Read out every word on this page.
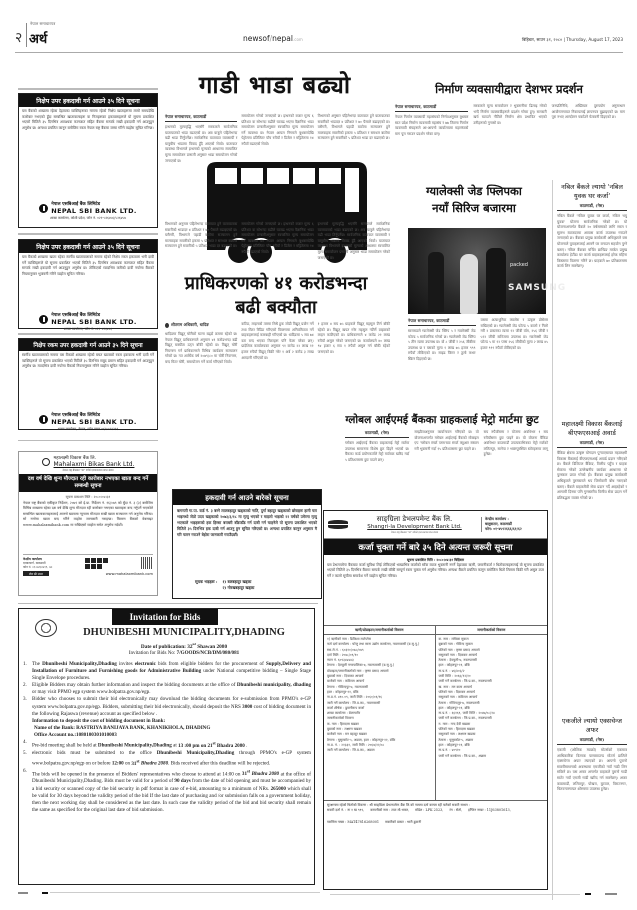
२
नेपाल समाचारपत्र
अर्थ	newsof/nepal.com	बिहिबार, साउन ३१, २०८० | Thursday, August 17, 2023
निक्षेप उपर हकदावी गर्न आउने ३५ दिने सूचना
यस बैंकको शाखामा रहेका देहायका व्यक्तिहरूका नाममा रहेको निक्षेप खाताहरूमा लामो समयदेखि कारोबार नभएको हुँदा सम्बन्धित खातावालाहरू वा निजहरूका हकवालाहरूले यो सूचना प्रकाशित भएको मितिले ३५ दिनभित्र आवश्यक कागजात सहित बैंकमा सम्पर्क राखी हकदावी गर्न आउनुहुन अनुरोध छ। अन्यथा प्रचलित कानून बमोजिम रकम नेपाल राष्ट्र बैंकमा जम्मा गरिने व्यहोरा सूचित गरिन्छ।
नेपाल एसबिआई बैंक लिमिटेड
NEPAL SBI BANK LTD.
शाखा कार्यालय, कोशी प्रदेश, फोन नं. ०२१-५२६४५६/५२६४५७
निक्षेप उपर हकदावी गर्न आउने ३५ दिने सूचना
यस बैंकको शाखामा खाता रहेका स्वर्गीय खातावालाको नाममा रहेको निक्षेप रकम हकवाला भनी दावी गर्ने व्यक्तिहरूले यो सूचना प्रकाशित भएको मितिले ३५ दिनभित्र आवश्यक कागजात सहित बैंकमा सम्पर्क राखी हकदावी गर्न आउनुहुन अनुरोध छ। तोकिएको म्यादभित्र कसैको दावी नपरेमा बैंकको नियमानुसार भुक्तानी गरिने व्यहोरा सूचित गरिन्छ।
नेपाल एसबिआई बैंक लिमिटेड
NEPAL SBI BANK LTD.
शाखा कार्यालय, फोन नं. ०२१-५२६४५६
निक्षेप रकम उपर हकदावी गर्न आउने ३५ दिने सूचना
स्वर्गीय खातावालाको नाममा यस बैंकको शाखामा रहेको बचत खाताको रकम हकवाला भनी दावी गर्ने व्यक्तिहरूले यो सूचना प्रकाशित भएको मितिले ३५ दिनभित्र सबुद प्रमाण सहित हकदावी गर्न आउनुहुन अनुरोध छ। म्यादभित्र दावी नपरेमा बैंकको नियमानुसार गरिने व्यहोरा सूचित गरिन्छ।
नेपाल एसबिआई बैंक लिमिटेड
NEPAL SBI BANK LTD.
शाखा कार्यालय, नेपाल, फोन नम्बर ०६१-५२१२११
महालक्ष्मी विकास बैंक लि.
Mahalaxmi Bikas Bank Ltd.
नेपाल राष्ट्र बैंकबाट "ख" वर्गको इजाजतपत्र प्राप्त संस्था
दश वर्ष देखि शुन्य मौज्दात रही कारोबार नभएका खाता बन्द गर्ने सम्बन्धी सूचना
सूचना प्रकाशन मिति : २०८०।०४।३१
नेपाल राष्ट्र बैंकको एकीकृत निर्देशन, २०७९ को ई.प्रा. निर्देशन नं. १६/०७९ को बुँदा नं. ३ (३) बमोजिम विभिन्न शाखामा रहेका दश वर्ष देखि शुन्य मौज्दात रही कारोबार नभएका खाताहरू बन्द गर्नुपर्ने भएकोले सम्बन्धित खातावालाहरूलाई आफ्नो खातामा न्यूनतम मौज्दात राखी खाता सञ्चालन गर्न अनुरोध गरिन्छ। सो नगरेमा खाता बन्द गरिने व्यहोरा जानकारी गराइन्छ। विवरण बैंकको वेबसाइट www.mahalaxmibank.com मा राखिएको व्यहोरा समेत अनुरोध गर्दछौं।
केन्द्रीय कार्यालय
दरबारमार्ग, काठमाडौं
फोन नं. ०१-४२६८७१९, ७०
टोल फ्री नम्बर	www.mahalaxmibank.com
गाडी भाडा बढ्यो
नेपाल समाचारपत्र, काठमाडौं
इन्धनको मूल्यवृद्धि भएसँगै सरकारले सार्वजनिक यातायातको भाडा बढाएको छ। अब यात्रुले पहिलेभन्दा बढी भाडा तिर्नुपर्नेछ। सार्वजनिक यातायात व्यवसायी र यात्रुबीच भाडामा विवाद हुँदै आएको थियो। यातायात व्यवस्था विभागले इन्धनको मूल्यको आधारमा स्वचालित मूल्य समायोजन प्रणाली अनुसार भाडा समायोजन गरेको जनाएको छ।
समायोजन गरेको जनाएको छ। इन्धनको बजार मूल्य ६ प्रतिशत वा सोभन्दा बढीले घटबढ भएमा वैज्ञानिक भाडा समायोजन प्रणालीअनुसार स्वचालित मूल्य समायोजन गर्ने व्यवस्था छ। नेपाल आयल निगमले बुधबारदेखि पेट्रोलमा प्रतिलिटर पाँच रुपैयाँ र डिजेल र मट्टितेलमा १४ रुपैयाँ बढाएको थियो।
विभागको अनुसार पहिलेभन्दा यातायात हुने यातायातका सवारीको भाडादर ४ प्रतिशत र ७० पैसाले बढाइएको छ। यसैगरी, विभागले पहाडी बाटोमा सञ्चालन हुने मालवाहक सवारीको हकमा ५ प्रतिशत र समथल बाटोमा सञ्चालन हुने सवारीको ५ प्रतिशत भाडा दर बढाएको छ।
विभागको अनुसार पहिलेभन्दा यातायात हुने यातायातका सवारीको भाडादर ४ प्रतिशत र ७० पैसाले बढाइएको छ। यसैगरी, विभागले पहाडी बाटोमा सञ्चालन हुने मालवाहक सवारीको हकमा ५ प्रतिशत र समथल बाटोमा सञ्चालन हुने सवारीको ५ प्रतिशत भाडा दर बढाएको छ।
समायोजन गरेको जनाएको छ। इन्धनको बजार मूल्य ६ प्रतिशत वा सोभन्दा बढीले घटबढ भएमा वैज्ञानिक भाडा समायोजन प्रणालीअनुसार स्वचालित मूल्य समायोजन गर्ने व्यवस्था छ। नेपाल आयल निगमले बुधबारदेखि पेट्रोलमा प्रतिलिटर पाँच रुपैयाँ र डिजेल र मट्टितेलमा १४ रुपैयाँ बढाएको थियो।
इन्धनको मूल्यवृद्धि भएसँगै सरकारले सार्वजनिक यातायातको भाडा बढाएको छ। अब यात्रुले पहिलेभन्दा बढी भाडा तिर्नुपर्नेछ। सार्वजनिक यातायात व्यवसायी र यात्रुबीच भाडामा विवाद हुँदै आएको थियो। यातायात व्यवस्था विभागले इन्धनको मूल्यको आधारमा स्वचालित मूल्य समायोजन प्रणाली अनुसार भाडा समायोजन गरेको जनाएको छ।
प्राधिकरणको ४१ करोडभन्दा
बढी बक्यौता
शीतराम अधिकारी, धादिङ
धादिङमा विद्युत् चोरीको घटना बढ्दो क्रममा रहेको छ। नेपाल विद्युत् प्राधिकरणले अनुमान ४१ करोडभन्दा बढी विद्युत् बक्यौता उठ्न बाँकी रहेको छ। विद्युत् चोरी नियन्त्रण गर्न प्राधिकरणले विभिन्न कार्यक्रम सञ्चालन गरेको छ। गत आर्थिक वर्ष २०७९/८० मा चोरी नियन्त्रण, बन्द मिटर चोरी, समायोजन गर्ने कार्य गरिएको थियो।
कटिङ, लाइनको तारमा सिधै हुक जोडी विद्युत् प्रयोग गर्ने तथा मिटर रिडिङ गरिएको विवरणमा अनियमितता गर्ने ग्राहकहरूलाई कारबाही गरिएको छ। धादिङमा ५ सय ७४ वटा बन्द भएका मिटरहरू पनि फेला परेका छन्। प्रादेशिक कार्यालयका अनुसार ९१ करोड २२ लाख ११ हजार रुपैयाँ विद्युत् बिक्री गरेर १ अर्ब २ करोड ३ लाख आम्दानी गरिएको छ।
१ हजार ४ सय ७५ ग्राहकले विद्युत् महसुल तिर्न बाँकी रहेको छ। विद्युत् खपत गरेर महसुल नतिर्ने ग्राहकको लाइन काटिएको छ। प्राधिकरणले ४ करोड २१ लाख रुपैयाँ असुल गरेको जनाएको छ। कार्यालयले ४० लाख ९४ हजार ६ सय १ रुपैयाँ असुल गर्न बाँकी रहेको जनाएको छ।
हकदावी गर्न आउने बारेको सूचना
बागमती गा.पा. वार्ड नं. ३ बस्ने लालबहादुर खड्काको नाति, दुर्गा बहादुर खड्काको छोराहरू हामी चार भाइमध्ये जेठो उदय खड्काको २०७३/३/१८ मा मृत्यु भएको र माइलो भाइको २२ वर्षको उमेरमा मृत्यु भएकाले भाइहरूको हक हिस्सा बराबरी बाँडफाँड गर्न दाबी गर्न चाहनेले यो सूचना प्रकाशित भएको मितिले ३५ दिनभित्र हक दाबी गर्न आउनु हुन सूचित गरिएको छ। अन्यथा प्रचलित कानुन अनुसार मै गरि चलन गराउने बेहोरा जानकारी गराउँदछौं।
सूचक भाइहरू : १) बलबहादुर खड्का
२) गोरखबहादुर खड्का
निर्माण व्यवसायीद्वारा देशभर प्रदर्शन
नेपाल समाचारपत्र, काठमाडौं
नेपाल निर्माण व्यवसायी महासंघको निर्णयअनुसार बुधबार सात प्रदेश निर्माण व्यवसायी महासंघ र ७७ जिल्ला निर्माण व्यवसायी संघहरूले आ-आफ्नो कार्यालयमा महासंघको माग पूरा गराउन प्रदर्शन गरेका छन्।
सरकारले मूल्य समायोजन र भुक्तानीमा ढिलाइ गरेको भन्दै निर्माण व्यवसायीहरूले प्रदर्शन गरेका हुन्। सरकारी खर्च घटाउने नीतिले निर्माण क्षेत्र प्रभावित भएको उनीहरूको गुनासो छ।
जनप्रतिनिधि, अख्तियार दुरुपयोग अनुसन्धान आयोगलगायत निकायलाई ज्ञापनपत्र बुझाइएको छ। माग पूरा नभए आन्दोलन चर्काउने चेतावनी दिइएको छ।
ग्यालेक्सी जेड फ्लिपका
नयाँ सिरिज बजारमा
packed
SAMSUNG
नेपाल समाचारपत्र, काठमाडौं
सामसङले ग्यालेक्सी जेड फ्लिप ५ र ग्यालेक्सी जेड फोल्ड ५ सार्वजनिक गरेको छ। ग्यालेक्सी जेड फ्लिप ५ तीन रङमा उपलब्ध छ। यो ८ जीबी र २५६ जीबीमा उपलब्ध छ र यसको मूल्य १ लाख ७५ हजार ९९९ रुपैयाँ तोकिएको छ। साइड फिंगर र ठूलो कभर स्क्रिन दिइएको छ।
यसमा अत्याधुनिक क्यामेरा र उत्कृष्ट प्रोसेसर राखिएको छ। ग्यालेक्सी जेड फोल्ड ५ कालो र निलो गरी २ प्रकारका रङमा १२ जीबी र्याम, २५६ जीबी र ५१२ जीबी स्टोरेजमा उपलब्ध छ। ग्यालेक्सी जेड फोल्ड ५ मा १२ प्लस २५६ जीबीको मूल्य २ लाख ४५ हजार ९९९ रुपैयाँ तोकिएको छ।
ग्लोबल आईएमई बैंकका ग्राहकलाई मेट्रो मार्टमा छुट
काठमाडौं, (नेस)
ग्लोबल आईएमई बैंकका ग्राहकलाई मेट्रो मार्टमा उपलब्ध सामानमा विशेष छुट दिइने भएको छ। बैंकका कार्ड प्रयोगकर्ताले मेट्रो मार्टबाट खरिद गर्दा ५ प्रतिशतसम्म छुट पाउने छन्।
सम्झौताअनुसार कार्यान्वयन गरिएको छ। यो योजनाअन्तर्गत ग्लोबल आईएमई बैंकको मोबाइल एप 'ग्लोबल स्मार्ट प्लस'बाट स्मार्ट क्यूआर स्क्यान गरी भुक्तानी गर्दा १५ प्रतिशतसम्म छुट पाइने छ।
सय रुपैयाँसम्म र योजना अवधिभर १ सय रुपैयाँसम्म छुट पाइने छ। यो योजना बैंकिङ अवधिभर काठमाडौं उपत्यकाभित्रका मेट्रो मार्टको ललितपुर, सानेपा र भक्तपुरस्थित स्टोरहरूमा लागू हुनेछ।
नबिल बैंकले ल्यायो 'नबिल युवक घर कर्जा'
काठमाडौं, (नेस)
नबिल बैंकले 'नबिल युवक घर कर्जा, नबिल भयु युवक' योजना सार्वजनिक गरेको छ। यो योजनाअन्तर्गत बैंकले २० वर्षसम्मको लागि सरल र सुलभ ब्याजदरमा आवास कर्जा उपलब्ध गराउने जनाएको छ। बैंकका प्रमुख कार्यकारी अधिकृतले यस योजनाले युवाहरूलाई आफ्नै घर बनाउन सहयोग पुग्ने बताए। नबिल बैंकका चर्चित ब्रान्डिङ मार्फत प्रमुख कार्यालय हेटौंडा घर कर्जा ग्राहकहरूलाई हरेक महिना किस्तामा वितरण गरिने छ। ग्राहकले ७० प्रतिशतसम्म कर्जा लिन सक्नेछन्।
महालक्ष्मी विकास बैंकलाई बीएफएसआई अवार्ड
काठमाडौं, (नेस)
बैंकिङ क्षेत्रमा उत्कृष्ट योगदान पुर्‍याएबापत महालक्ष्मी विकास बैंकलाई बीएफएसआई अवार्ड प्रदान गरिएको छ। बैंकले डिजिटल बैंकिङ, वित्तीय पहुँच र ग्राहक सेवामा गरेको उल्लेखनीय कार्यका आधारमा यो पुरस्कार प्राप्त गरेको हो। बैंकका प्रमुख कार्यकारी अधिकृतले पुरस्कारले थप जिम्मेवारी बोध गराएको बताए। बैंकले ग्राहकमैत्री सेवा प्रदान गर्दै आइरहेको र आगामी दिनमा पनि गुणस्तरीय वित्तीय सेवा प्रदान गर्ने प्रतिबद्धता व्यक्त गरेको छ।
एकजीले ल्यायो एक्सचेन्ज अफर
काठमाडौं, (नेस)
एकजी (ओलिक म्याक्रो) मोटर्सको एकमात्र आधिकारिक वितरक पासाबाउन्ड मोटर्स प्रालिले एक्सचेन्ज अफर ल्याएको छ। आफ्नो पुरानो सवारीसाधनको अवस्थामा एमजीको नयाँ गाडी लिन सकिने छ। यस अफर अन्तर्गत ग्राहकले पुरानो गाडी साटेर नयाँ एमजी गाडी खरिद गर्न सक्नेछन्। अफर काठमाडौं, ललितपुर, पोखरा, बुटवल, विराटनगर, चितवनलगायत शोरुममा उपलब्ध हुनेछ।
साङ्ग्रिला डेभलपमेन्ट बैंक लि.
Shangri-la Development Bank Ltd.
नेपाल राष्ट्र बैंकबाट "ख" वर्गको इजाजतपत्र प्राप्त संस्था
केन्द्रीय कार्यालय :
बालुवाटार, काठमाडौं
फोन: ०१-४५९२६६६/६१/६२
कर्जा चुक्ता गर्ने बारे ३५ दिने अत्यन्त जरूरी सूचना
सूचना प्रकाशित मिति : २०८०।०४।३१ बिहिबार
यस डेभलपमेन्ट बैंकबाट कर्जा सुविधा लिई तोकिएको भाखाभित्र कर्जाको साँवा ब्याज भुक्तानी नगर्ने देहायका ऋणी, जमानीकर्ता र धितोवालाहरूलाई यो सूचना प्रकाशित भएको मितिले ३५ दिनभित्र बैंकमा सम्पर्क राखी बाँकी सम्पूर्ण रकम चुक्ता गर्न अनुरोध गरिन्छ। अन्यथा बैंकले प्रचलित कानुन बमोजिम धितो लिलाम बिक्री गरी असुल उपर गर्ने र कालो सूचीमा समावेश गर्ने व्यहोरा सूचित गरिन्छ।
ऋणी/प्रोप्राइटर/जमानीकर्ताको विवरण
१) ऋणीको नाम : ढिकिशा मार्टप्लेस
फर्म दर्ता कार्यालय : घरेलु तथा साना उद्योग कार्यालय, नवलपरासी (ब.सु.पू.)
स्था.ले.नं. : ६०३१०/०७८/०७९
दर्ता मिति : २०७८/०९/१०
प्यान नं. ६०९३४४४४३
ठेगाना : देवचुली नगरपालिका-७, नवलपरासी (ब.सु.पू.)
प्रोप्राइटर/जमानीकर्ताको नाम : कृष्ण प्रसाद आचार्य
बुबाको नाम : दिवाकर आचार्य
बाजेको नाम : कविराम आचार्य
ठेगाना : गोविन्दपुर-७, नवलपरासी
हाल : कोहलपुर-११, बाँके
ना.प्र.नं. ४९०.०९, जारी मिति : २०६०/०१/१६
जारी गर्ने कार्यालय : जि.प्र.का., नवलपरासी
कर्जा शीर्षक : ढुवानीरूप कर्जा
शाखा कार्यालय : बेलायतीर
जमानीकर्ताको विवरण
क. नाम : हिरादास खडका
बुबाको नाम : लक्ष्मण खडका
बाजेको नाम : मन बहादुर खडका
ठेगाना : घुसुरकोट-५, अछाम, हाल : कोहलपुर-११, बाँके
ना.प्र. नं. : २१३३१, जारी मिति : २०६७/११/०८
जारी गर्ने कार्यालय : जि.प्र.का., अछाम
जमानीकर्ताको विवरण
क. नाम : राधिका सुवाल
बुबाको नाम : गोविन्द सुवाल
पतिको नाम : कृष्ण प्रसाद आचार्य
ससुराको नाम : दिवाकर आचार्य
ठेगाना : देवचुली-७, नवलपरासी
हाल : कोहलपुर-११, बाँके
ना.प्र.नं. : ४६/४०३/२
जारी मिति : २०६६/१२/१०
जारी गर्ने कार्यालय : जि.प्र.का., नवलपरासी
ख. नाम : मन कला आचार्य
पतिको नाम : दिवाकर आचार्य
ससुराको नाम : कविराम आचार्य
ठेगाना : गोविन्दपुर-७, नवलपरासी
हाल : कोहलपुर-११, बाँके
ना.प्र.नं. : ६६१६९, जारी मिति : २०४७/०८/१४
जारी गर्ने कार्यालय : जि.प्र.का., नवलपरासी
ग. नाम : नन्द देवी खडका
पतिको नाम : हिरादास खडका
ससुराको नाम : लक्ष्मण खडका
ठेगाना : घुसुरकोट-५, अछाम
हाल : कोहलपुर-११, बाँके
ना.प्र.नं. : ४०९१०
जारी गर्ने कार्यालय : जि.प्र.का., अछाम
सुरक्षणमा रहेको धितोको विवरण : श्री साङ्ग्रिला डेभलपमेन्ट बैंक लि.को नाममा दर्ता कायम रही चलेको सवारी साधन :
सवारी दर्ता नं. : ना १ ख ९९९, कम्पनीको नाम : टाटा मो.भारत, मोडेल : LPK 2523, रंग : सेतो, इन्जिन नम्बर : 11J63801613,
च्यासिस नम्बर : MAT47816268001 सवारीको प्रकार : भारी ढुवानी
Invitation for Bids
DHUNIBESHI MUNICIPALITY,DHADING
Date of publication: 32nd Shawan 2080
Invitation for Bids No: 7/GOODS/NCB/DM/080/081
1.	The Dhunibeshi Municipality,Dhading invites electronic bids from eligible bidders for the procurement of Supply,Delivery and Installation of Furniture and Furnishing goods for Administrative Building under National competitive bidding – Single Stage Single Envelope procedures.
2.	Eligible Bidders may obtain further information and inspect the bidding documents at the office of Dhunibeshi municipality, dhading or may visit PPMO egp system www.bolpatra.gov.np/egp.
3.	Bidder who chooses to submit their bid electronically may download the bidding documents for e-submission from PPMO's e-GP system www.bolpatra.gov.np/egp. Bidders, submitting their bid electronically, should deposit the NRS 3000 cost of bidding document in the following Rajaswa (revenue) account as specified below .
Information to deposit the cost of bidding document in Bank:
Name of the Bank: RASTRIYA BANIJAYA BANK, KHANIKHOLA, DHADING
Office Account no.:1080100301010003
4.
Pre-bid meeting shall be held at Dhunibeshi Municipality,Dhading at 13 :00 pm on 21st Bhadra 2080 .
5.	electronic bids must be submitted to the office Dhunibeshi Municipality,Dhading through PPMO's e-GP system www.bolpatra.gov.np/egp on or before 12:00 on 31st Bhadra 2080. Bids received after this deadline will be rejected.
6.
The bids will be opened in the presence of Bidders' representatives who choose to attend at 14:00 on 31st Bhadra 2080 at the office of Dhunibeshi Municipality,Dhading. Bids must be valid for a period of 90 days from the date of bid opening and must be accompanied by a bid security or scanned copy of the bid security in pdf format in case of e-bid, amounting to a minimum of NRs. 265000 which shall be valid for 30 days beyond the validity period of the bid If the last date of purchasing and /or submission falls on a government holiday, then the next working day shall be considered as the last date. In such case the validity period of the bid and bid security shall remain the same as specified for the original last date of bid submission.
